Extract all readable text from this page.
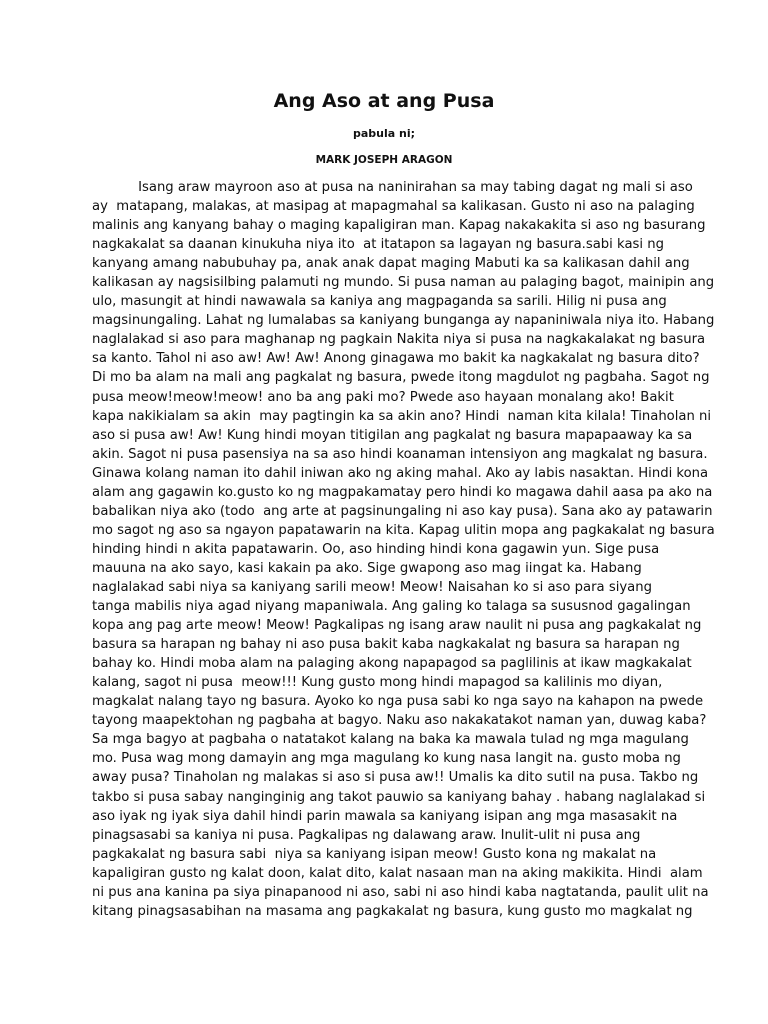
Ang Aso at ang Pusa
pabula ni;
MARK JOSEPH ARAGON
Isang araw mayroon aso at pusa na naninirahan sa may tabing dagat ng mali si aso
ay  matapang, malakas, at masipag at mapagmahal sa kalikasan. Gusto ni aso na palaging
malinis ang kanyang bahay o maging kapaligiran man. Kapag nakakakita si aso ng basurang
nagkakalat sa daanan kinukuha niya ito  at itatapon sa lagayan ng basura.sabi kasi ng
kanyang amang nabubuhay pa, anak anak dapat maging Mabuti ka sa kalikasan dahil ang
kalikasan ay nagsisilbing palamuti ng mundo. Si pusa naman au palaging bagot, mainipin ang
ulo, masungit at hindi nawawala sa kaniya ang magpaganda sa sarili. Hilig ni pusa ang
magsinungaling. Lahat ng lumalabas sa kaniyang bunganga ay napaniniwala niya ito. Habang
naglalakad si aso para maghanap ng pagkain Nakita niya si pusa na nagkakalakat ng basura
sa kanto. Tahol ni aso aw! Aw! Aw! Anong ginagawa mo bakit ka nagkakalat ng basura dito?
Di mo ba alam na mali ang pagkalat ng basura, pwede itong magdulot ng pagbaha. Sagot ng
pusa meow!meow!meow! ano ba ang paki mo? Pwede aso hayaan monalang ako! Bakit
kapa nakikialam sa akin  may pagtingin ka sa akin ano? Hindi  naman kita kilala! Tinaholan ni
aso si pusa aw! Aw! Kung hindi moyan titigilan ang pagkalat ng basura mapapaaway ka sa
akin. Sagot ni pusa pasensiya na sa aso hindi koanaman intensiyon ang magkalat ng basura.
Ginawa kolang naman ito dahil iniwan ako ng aking mahal. Ako ay labis nasaktan. Hindi kona
alam ang gagawin ko.gusto ko ng magpakamatay pero hindi ko magawa dahil aasa pa ako na
babalikan niya ako (todo  ang arte at pagsinungaling ni aso kay pusa). Sana ako ay patawarin
mo sagot ng aso sa ngayon papatawarin na kita. Kapag ulitin mopa ang pagkakalat ng basura
hinding hindi n akita papatawarin. Oo, aso hinding hindi kona gagawin yun. Sige pusa
mauuna na ako sayo, kasi kakain pa ako. Sige gwapong aso mag iingat ka. Habang
naglalakad sabi niya sa kaniyang sarili meow! Meow! Naisahan ko si aso para siyang
tanga mabilis niya agad niyang mapaniwala. Ang galing ko talaga sa sususnod gagalingan
kopa ang pag arte meow! Meow! Pagkalipas ng isang araw naulit ni pusa ang pagkakalat ng
basura sa harapan ng bahay ni aso pusa bakit kaba nagkakalat ng basura sa harapan ng
bahay ko. Hindi moba alam na palaging akong napapagod sa paglilinis at ikaw magkakalat
kalang, sagot ni pusa  meow!!! Kung gusto mong hindi mapagod sa kalilinis mo diyan,
magkalat nalang tayo ng basura. Ayoko ko nga pusa sabi ko nga sayo na kahapon na pwede
tayong maapektohan ng pagbaha at bagyo. Naku aso nakakatakot naman yan, duwag kaba?
Sa mga bagyo at pagbaha o natatakot kalang na baka ka mawala tulad ng mga magulang
mo. Pusa wag mong damayin ang mga magulang ko kung nasa langit na. gusto moba ng
away pusa? Tinaholan ng malakas si aso si pusa aw!! Umalis ka dito sutil na pusa. Takbo ng
takbo si pusa sabay nanginginig ang takot pauwio sa kaniyang bahay . habang naglalakad si
aso iyak ng iyak siya dahil hindi parin mawala sa kaniyang isipan ang mga masasakit na
pinagsasabi sa kaniya ni pusa. Pagkalipas ng dalawang araw. Inulit-ulit ni pusa ang
pagkakalat ng basura sabi  niya sa kaniyang isipan meow! Gusto kona ng makalat na
kapaligiran gusto ng kalat doon, kalat dito, kalat nasaan man na aking makikita. Hindi  alam
ni pus ana kanina pa siya pinapanood ni aso, sabi ni aso hindi kaba nagtatanda, paulit ulit na
kitang pinagsasabihan na masama ang pagkakalat ng basura, kung gusto mo magkalat ng
